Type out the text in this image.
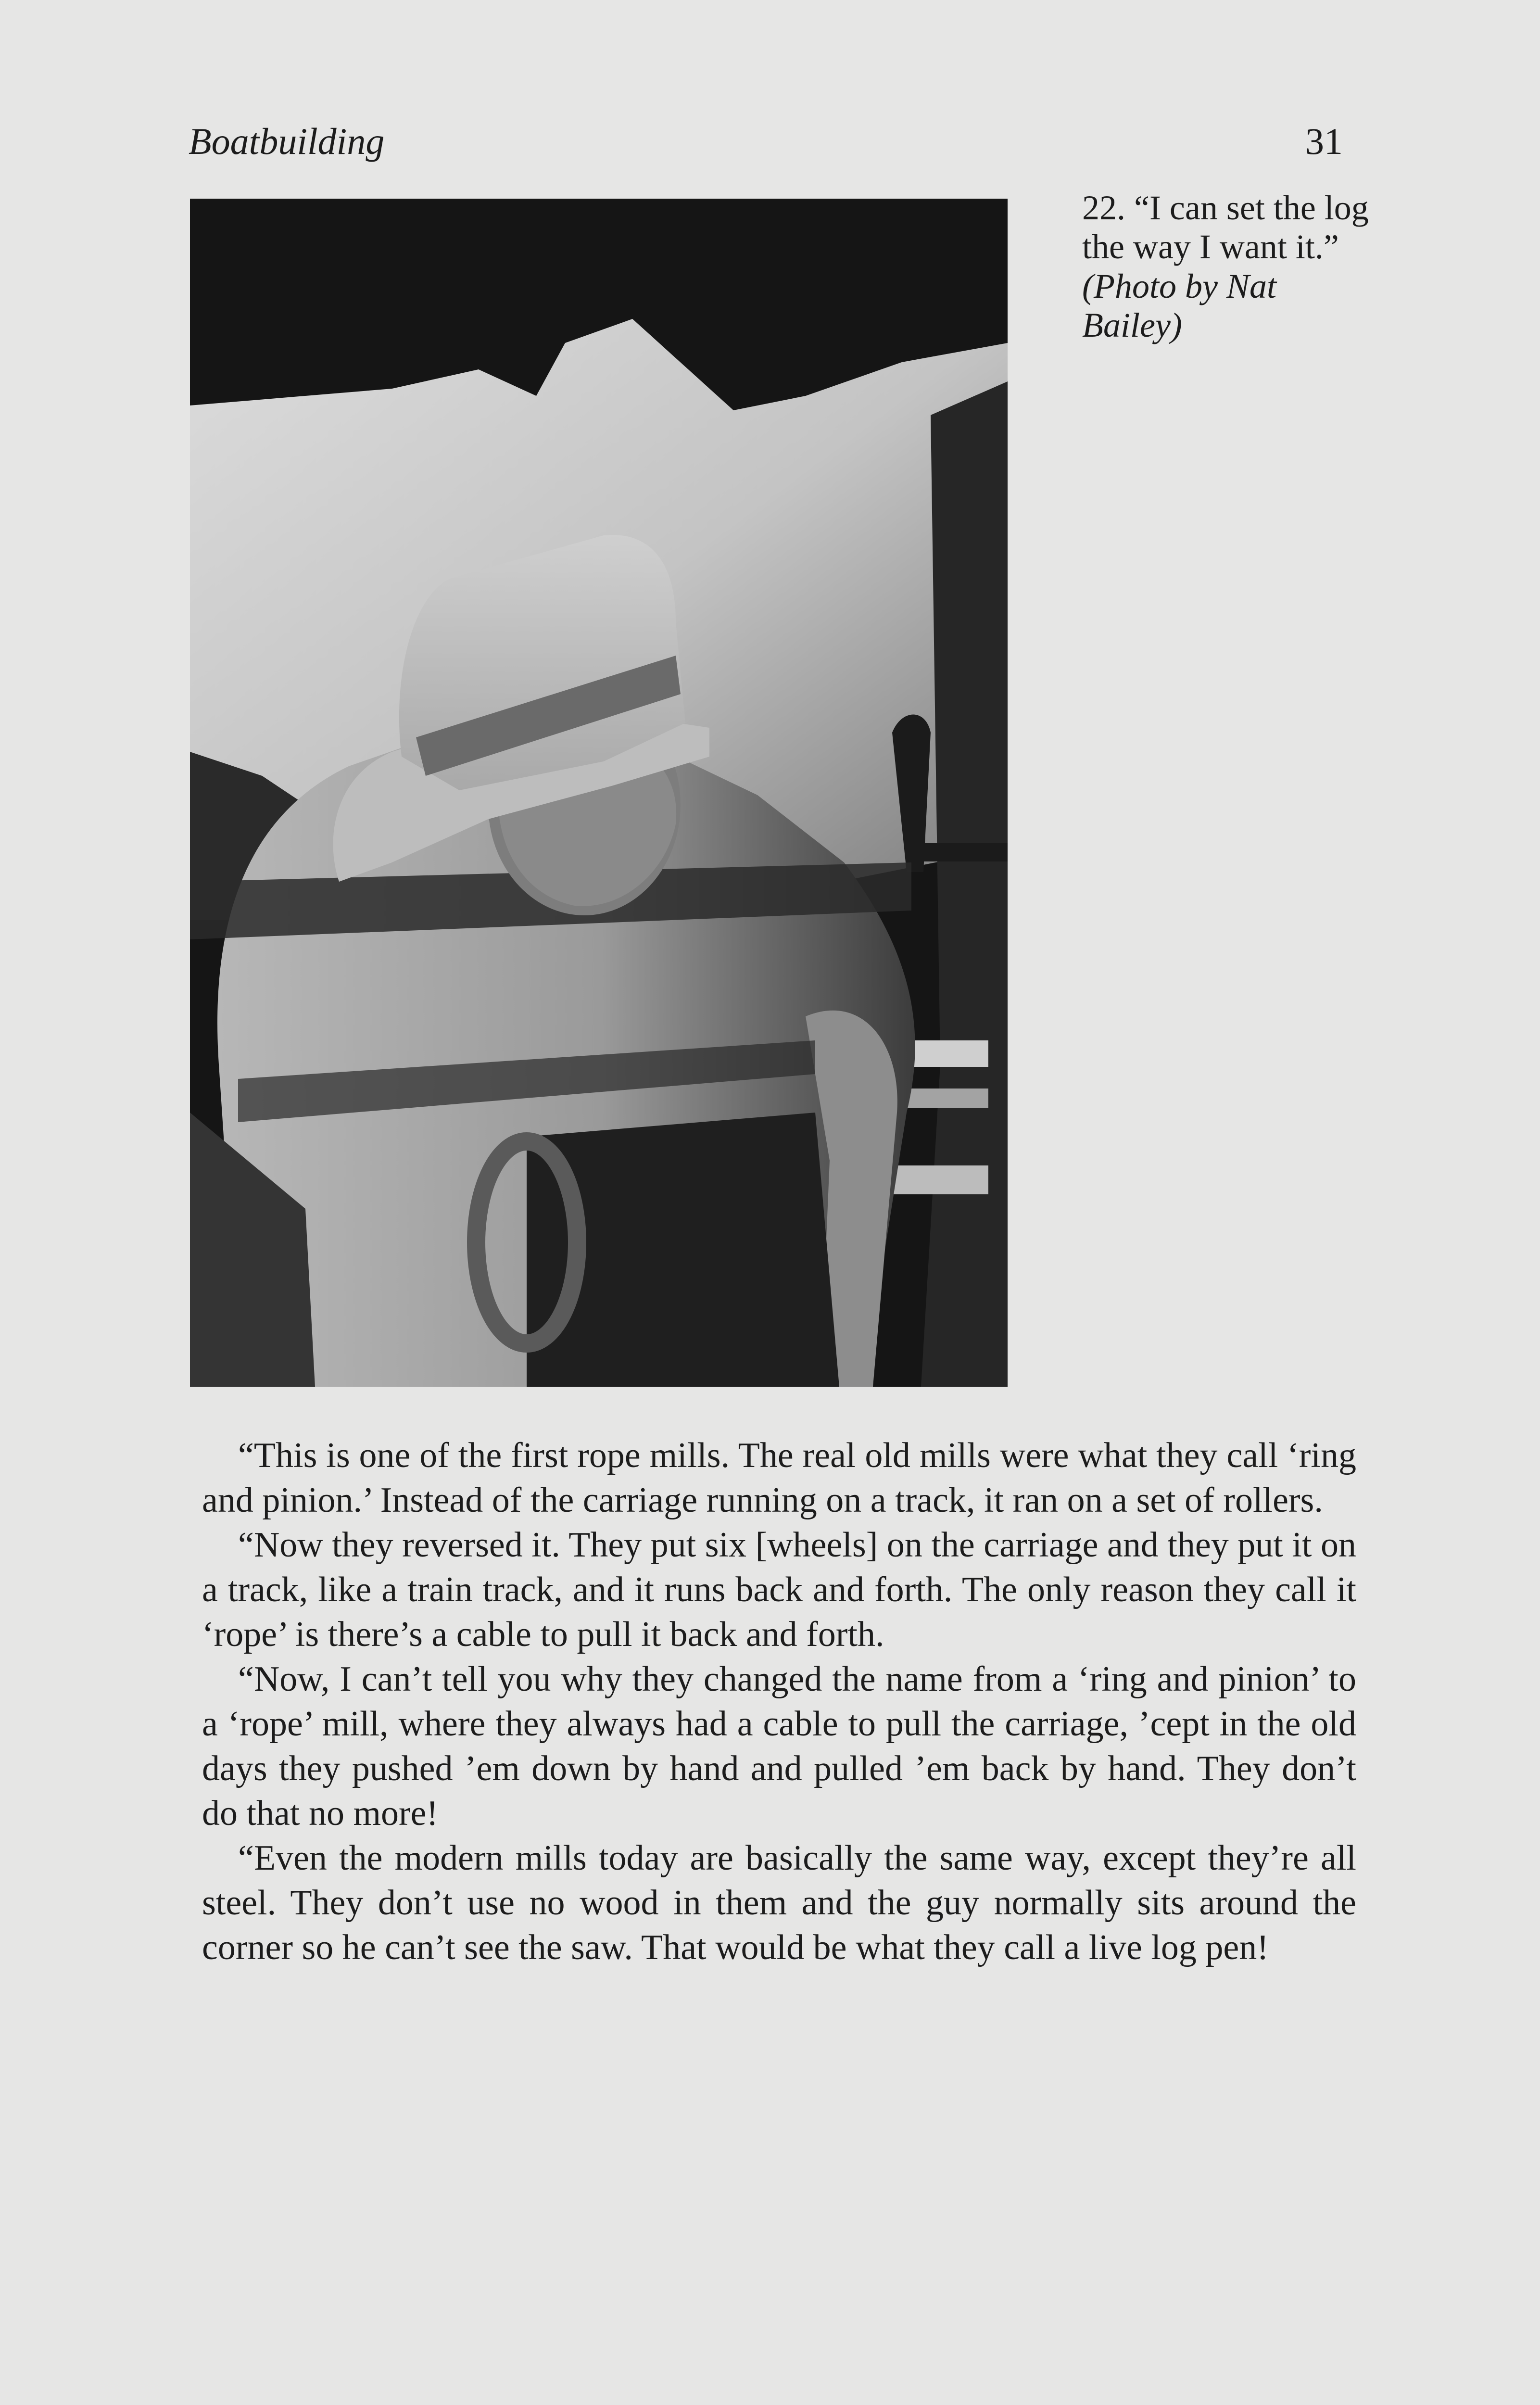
Boatbuilding	31
22. “I can set the log the way I want it.” (Photo by Nat Bailey)

“This is one of the first rope mills. The real old mills were what they call ‘ring and pinion.’ Instead of the carriage running on a track, it ran on a set of rollers.

“Now they reversed it. They put six [wheels] on the carriage and they put it on a track, like a train track, and it runs back and forth. The only reason they call it ‘rope’ is there’s a cable to pull it back and forth.

“Now, I can’t tell you why they changed the name from a ‘ring and pinion’ to a ‘rope’ mill, where they always had a cable to pull the carriage, ’cept in the old days they pushed ’em down by hand and pulled ’em back by hand. They don’t do that no more!

“Even the modern mills today are basically the same way, except they’re all steel. They don’t use no wood in them and the guy normally sits around the corner so he can’t see the saw. That would be what they call a live log pen!
